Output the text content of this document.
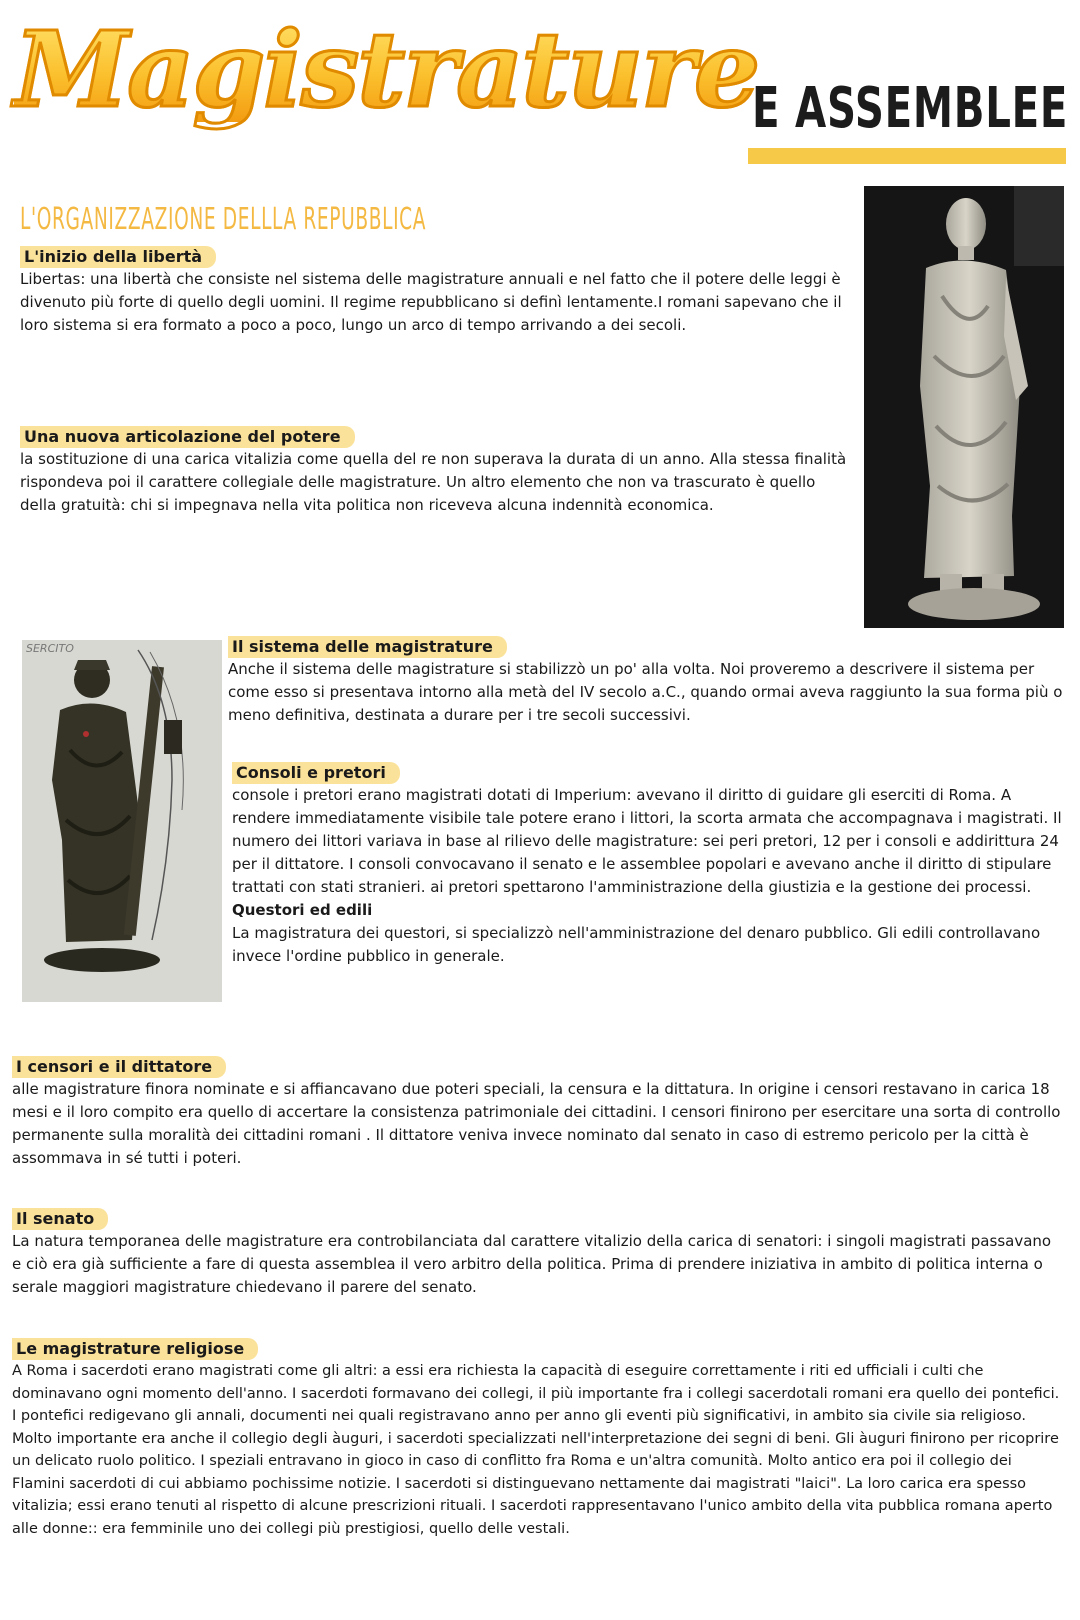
Magistrature
E ASSEMBLEE
L'ORGANIZZAZIONE DELLLA REPUBBLICA
SERCITO
L'inizio della libertà

Libertas: una libertà che consiste nel sistema delle magistrature annuali e nel fatto che il potere delle leggi è divenuto più forte di quello degli uomini. Il regime repubblicano si definì lentamente.I romani sapevano che il loro sistema si era formato a poco a poco, lungo un arco di tempo arrivando a dei secoli.

Una nuova articolazione del potere

la sostituzione di una carica vitalizia come quella del re non superava la durata di un anno. Alla stessa finalità rispondeva poi il carattere collegiale delle magistrature. Un altro elemento che non va trascurato è quello della gratuità: chi si impegnava nella vita politica non riceveva alcuna indennità economica.

Il sistema delle magistrature

Anche il sistema delle magistrature si stabilizzò un po' alla volta. Noi proveremo a descrivere il sistema per come esso si presentava intorno alla metà del IV secolo a.C., quando ormai aveva raggiunto la sua forma più o meno definitiva, destinata a durare per i tre secoli successivi.

Consoli e pretori

console i pretori erano magistrati dotati di Imperium: avevano il diritto di guidare gli eserciti di Roma. A rendere immediatamente visibile tale potere erano i littori, la scorta armata che accompagnava i magistrati. Il numero dei littori variava in base al rilievo delle magistrature: sei peri pretori, 12 per i consoli e addirittura 24 per il dittatore. I consoli convocavano il senato e le assemblee popolari e avevano anche il diritto di stipulare trattati con stati stranieri. ai pretori spettarono l'amministrazione della giustizia e la gestione dei processi.

Questori ed edili

La magistratura dei questori, si specializzò nell'amministrazione del denaro pubblico. Gli edili controllavano invece l'ordine pubblico in generale.

I censori e il dittatore

alle magistrature finora nominate e si affiancavano due poteri speciali, la censura e la dittatura. In origine i censori restavano in carica 18 mesi e il loro compito era quello di accertare la consistenza patrimoniale dei cittadini. I censori finirono per esercitare una sorta di controllo permanente sulla moralità dei cittadini romani . Il dittatore veniva invece nominato dal senato in caso di estremo pericolo per la città è assommava in sé tutti i poteri.

Il senato

La natura temporanea delle magistrature era controbilanciata dal carattere vitalizio della carica di senatori: i singoli magistrati passavano e ciò era già sufficiente a fare di questa assemblea il vero arbitro della politica. Prima di prendere iniziativa in ambito di politica interna o serale maggiori magistrature chiedevano il parere del senato.

Le magistrature religiose

A Roma i sacerdoti erano magistrati come gli altri: a essi era richiesta la capacità di eseguire correttamente i riti ed ufficiali i culti che dominavano ogni momento dell'anno. I sacerdoti formavano dei collegi, il più importante fra i collegi sacerdotali romani era quello dei pontefici. I pontefici redigevano gli annali, documenti nei quali registravano anno per anno gli eventi più significativi, in ambito sia civile sia religioso. Molto importante era anche il collegio degli àuguri, i sacerdoti specializzati nell'interpretazione dei segni di beni. Gli àuguri finirono per ricoprire un delicato ruolo politico. I speziali entravano in gioco in caso di conflitto fra Roma e un'altra comunità. Molto antico era poi il collegio dei Flamini sacerdoti di cui abbiamo pochissime notizie. I sacerdoti si distinguevano nettamente dai magistrati "laici". La loro carica era spesso vitalizia; essi erano tenuti al rispetto di alcune prescrizioni rituali. I sacerdoti rappresentavano l'unico ambito della vita pubblica romana aperto alle donne:: era femminile uno dei collegi più prestigiosi, quello delle vestali.
